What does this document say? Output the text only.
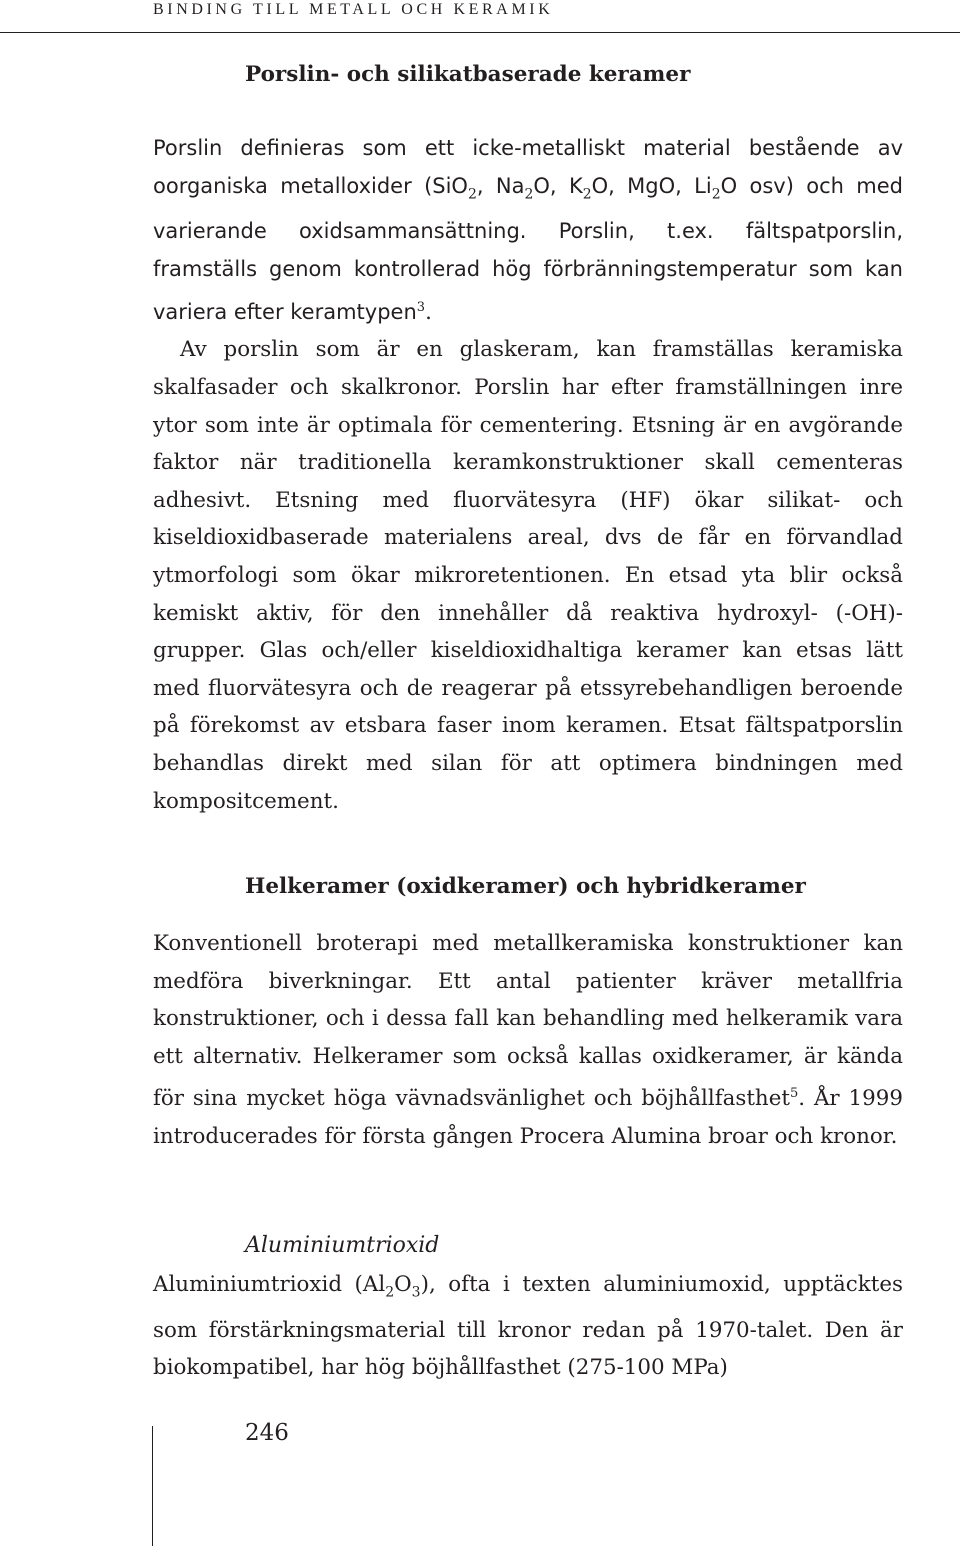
BINDING TILL METALL OCH KERAMIK
Porslin- och silikatbaserade keramer

Porslin definieras som ett icke-metalliskt material bestående av oorganiska metalloxider (SiO$_2$, $Na_2O$, $K_2O$, MgO, $Li_2O$ osv) och med varierande oxidsammansättning. Porslin, t.ex. fältspatporslin, framställs genom kontrollerad hög förbränningstemperatur som kan variera efter keramtypen$^3$.

Av porslin som är en glaskeram, kan framställas keramiska skalfasader och skalkronor. Porslin har efter framställningen inre ytor som inte är optimala för cementering. Etsning är en avgörande faktor när traditionella keramkonstruktioner skall cementeras adhesivt. Etsning med fluorvätesyra (HF) ökar silikat- och kiseldioxidbaserade materialens areal, dvs de får en förvandlad ytmorfologi som ökar mikroretentionen. En etsad yta blir också kemiskt aktiv, för den innehåller då reaktiva hydroxyl- (-OH)-grupper. Glas och/eller kiseldioxidhaltiga keramer kan etsas lätt med fluorvätesyra och de reagerar på etssyrebehandligen beroende på förekomst av etsbara faser inom keramen. Etsat fältspatporslin behandlas direkt med silan för att optimera bindningen med kompositcement.

Helkeramer (oxidkeramer) och hybridkeramer

Konventionell broterapi med metallkeramiska konstruktioner kan medföra biverkningar. Ett antal patienter kräver metallfria konstruktioner, och i dessa fall kan behandling med helkeramik vara ett alternativ. Helkeramer som också kallas oxidkeramer, är kända för sina mycket höga vävnadsvänlighet och böjhållfasthet$^5$. År 1999 introducerades för första gången Procera Alumina broar och kronor.

Aluminiumtrioxid

Aluminiumtrioxid $(Al_2O_3)$, ofta i texten aluminiumoxid, upptäcktes som förstärkningsmaterial till kronor redan på 1970-talet. Den är biokompatibel, har hög böjhållfasthet (275-100 MPa)

246
